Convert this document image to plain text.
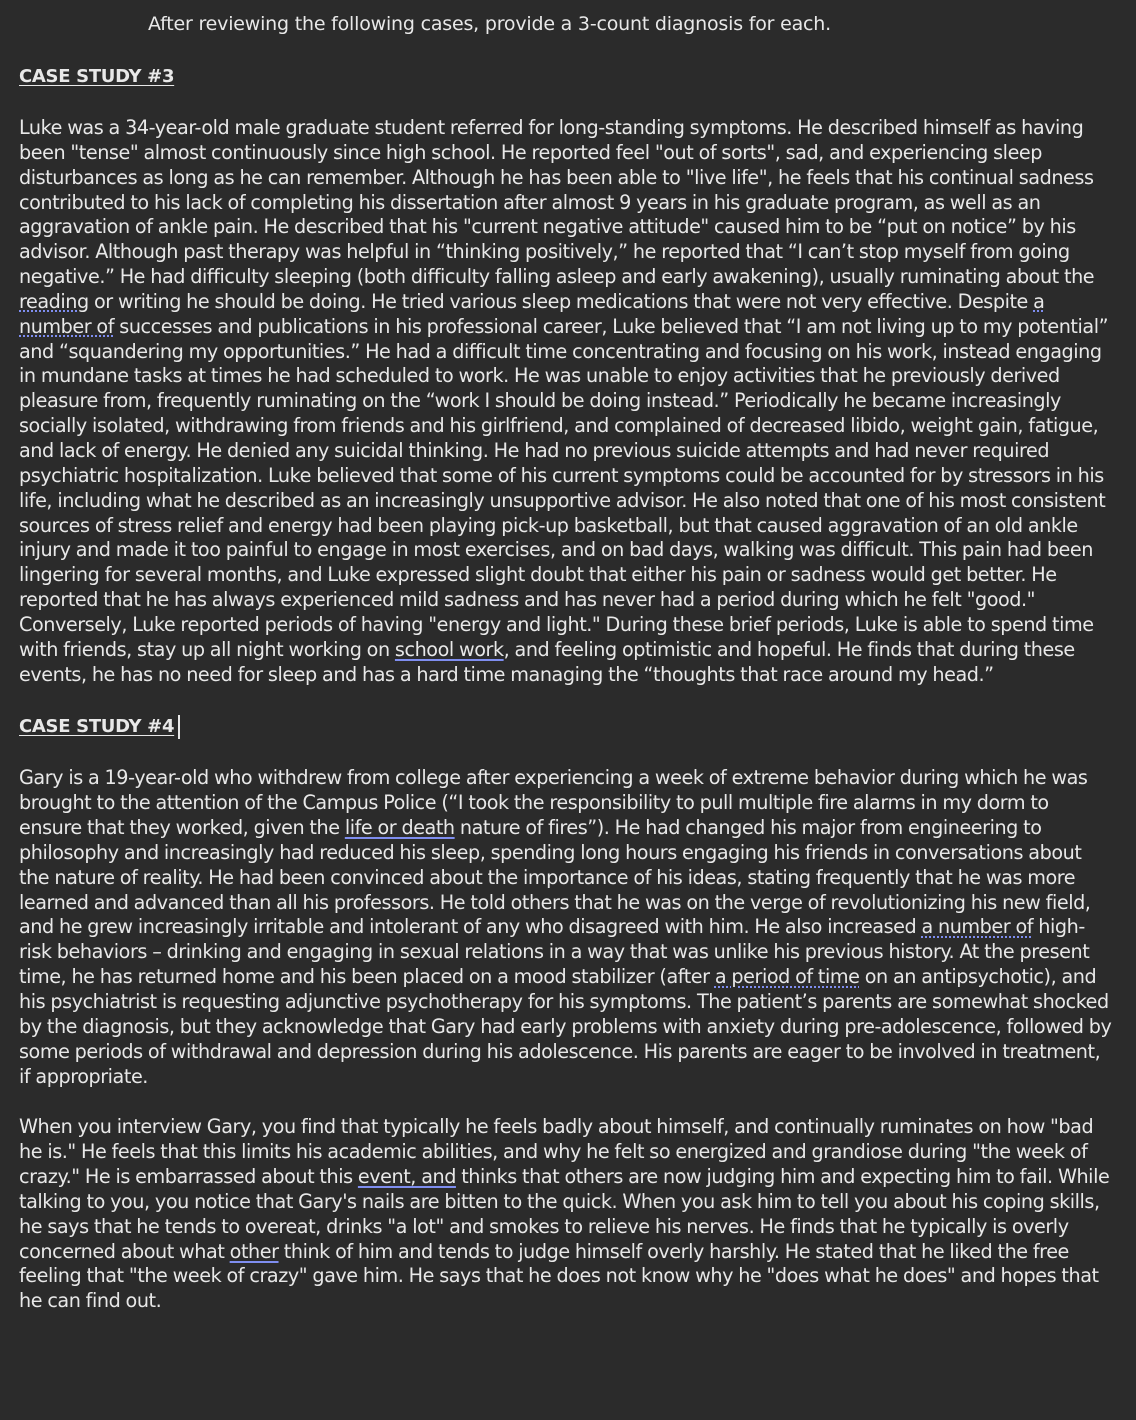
After reviewing the following cases, provide a 3-count diagnosis for each.
CASE STUDY #3

Luke was a 34-year-old male graduate student referred for long-standing symptoms. He described himself as having been "tense" almost continuously since high school. He reported feel "out of sorts", sad, and experiencing sleep disturbances as long as he can remember. Although he has been able to "live life", he feels that his continual sadness contributed to his lack of completing his dissertation after almost 9 years in his graduate program, as well as an aggravation of ankle pain. He described that his "current negative attitude" caused him to be “put on notice” by his advisor. Although past therapy was helpful in “thinking positively,” he reported that “I can’t stop myself from going negative.” He had difficulty sleeping (both difficulty falling asleep and early awakening), usually ruminating about the reading or writing he should be doing. He tried various sleep medications that were not very effective. Despite a number of successes and publications in his professional career, Luke believed that “I am not living up to my potential” and “squandering my opportunities.” He had a difficult time concentrating and focusing on his work, instead engaging in mundane tasks at times he had scheduled to work. He was unable to enjoy activities that he previously derived pleasure from, frequently ruminating on the “work I should be doing instead.” Periodically he became increasingly socially isolated, withdrawing from friends and his girlfriend, and complained of decreased libido, weight gain, fatigue, and lack of energy. He denied any suicidal thinking. He had no previous suicide attempts and had never required psychiatric hospitalization. Luke believed that some of his current symptoms could be accounted for by stressors in his life, including what he described as an increasingly unsupportive advisor. He also noted that one of his most consistent sources of stress relief and energy had been playing pick-up basketball, but that caused aggravation of an old ankle injury and made it too painful to engage in most exercises, and on bad days, walking was difficult. This pain had been lingering for several months, and Luke expressed slight doubt that either his pain or sadness would get better. He reported that he has always experienced mild sadness and has never had a period during which he felt "good." Conversely, Luke reported periods of having "energy and light." During these brief periods, Luke is able to spend time with friends, stay up all night working on school work, and feeling optimistic and hopeful. He finds that during these events, he has no need for sleep and has a hard time managing the “thoughts that race around my head.”

CASE STUDY #4

Gary is a 19-year-old who withdrew from college after experiencing a week of extreme behavior during which he was brought to the attention of the Campus Police (“I took the responsibility to pull multiple fire alarms in my dorm to ensure that they worked, given the life or death nature of fires”). He had changed his major from engineering to philosophy and increasingly had reduced his sleep, spending long hours engaging his friends in conversations about the nature of reality. He had been convinced about the importance of his ideas, stating frequently that he was more learned and advanced than all his professors. He told others that he was on the verge of revolutionizing his new field, and he grew increasingly irritable and intolerant of any who disagreed with him. He also increased a number of high-risk behaviors – drinking and engaging in sexual relations in a way that was unlike his previous history. At the present time, he has returned home and his been placed on a mood stabilizer (after a period of time on an antipsychotic), and his psychiatrist is requesting adjunctive psychotherapy for his symptoms. The patient’s parents are somewhat shocked by the diagnosis, but they acknowledge that Gary had early problems with anxiety during pre-adolescence, followed by some periods of withdrawal and depression during his adolescence. His parents are eager to be involved in treatment, if appropriate.

When you interview Gary, you find that typically he feels badly about himself, and continually ruminates on how "bad he is." He feels that this limits his academic abilities, and why he felt so energized and grandiose during "the week of crazy." He is embarrassed about this event, and thinks that others are now judging him and expecting him to fail. While talking to you, you notice that Gary's nails are bitten to the quick. When you ask him to tell you about his coping skills, he says that he tends to overeat, drinks "a lot" and smokes to relieve his nerves. He finds that he typically is overly concerned about what other think of him and tends to judge himself overly harshly. He stated that he liked the free feeling that "the week of crazy" gave him. He says that he does not know why he "does what he does" and hopes that he can find out.
